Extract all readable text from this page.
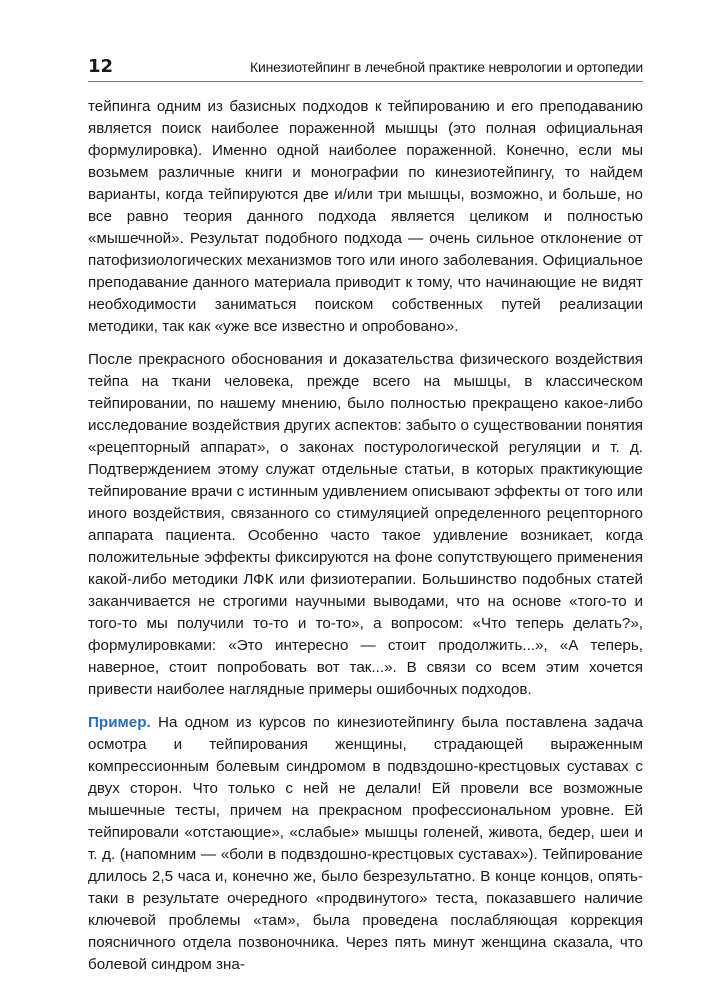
12	Кинезиотейпинг в лечебной практике неврологии и ортопедии

тейпинга одним из базисных подходов к тейпированию и его преподаванию является поиск наиболее пораженной мышцы (это полная официальная формулировка). Именно одной наиболее пораженной. Конечно, если мы возьмем различные книги и монографии по кинезиотейпингу, то найдем варианты, когда тейпируются две и/или три мышцы, возможно, и больше, но все равно теория данного подхода является целиком и полностью «мышечной». Результат подобного подхода — очень сильное отклонение от патофизиологических механизмов того или иного заболевания. Официальное преподавание данного материала приводит к тому, что начинающие не видят необходимости заниматься поиском собственных путей реализации методики, так как «уже все известно и опробовано».

После прекрасного обоснования и доказательства физического воздействия тейпа на ткани человека, прежде всего на мышцы, в классическом тейпировании, по нашему мнению, было полностью прекращено какое-либо исследование воздействия других аспектов: забыто о существовании понятия «рецепторный аппарат», о законах постурологической регуляции и т. д. Подтверждением этому служат отдельные статьи, в которых практикующие тейпирование врачи с истинным удивлением описывают эффекты от того или иного воздействия, связанного со стимуляцией определенного рецепторного аппарата пациента. Особенно часто такое удивление возникает, когда положительные эффекты фиксируются на фоне сопутствующего применения какой-либо методики ЛФК или физиотерапии. Большинство подобных статей заканчивается не строгими научными выводами, что на основе «того-то и того-то мы получили то-то и то-то», а вопросом: «Что теперь делать?», формулировками: «Это интересно — стоит продолжить...», «А теперь, наверное, стоит попробовать вот так...». В связи со всем этим хочется привести наиболее наглядные примеры ошибочных подходов.

Пример. На одном из курсов по кинезиотейпингу была поставлена задача осмотра и тейпирования женщины, страдающей выраженным компрессионным болевым синдромом в подвздошно-крестцовых суставах с двух сторон. Что только с ней не делали! Ей провели все возможные мышечные тесты, причем на прекрасном профессиональном уровне. Ей тейпировали «отстающие», «слабые» мышцы голеней, живота, бедер, шеи и т. д. (напомним — «боли в подвздошно-крестцовых суставах»). Тейпирование длилось 2,5 часа и, конечно же, было безрезультатно. В конце концов, опять-таки в результате очередного «продвинутого» теста, показавшего наличие ключевой проблемы «там», была проведена послабляющая коррекция поясничного отдела позвоночника. Через пять минут женщина сказала, что болевой синдром зна-
